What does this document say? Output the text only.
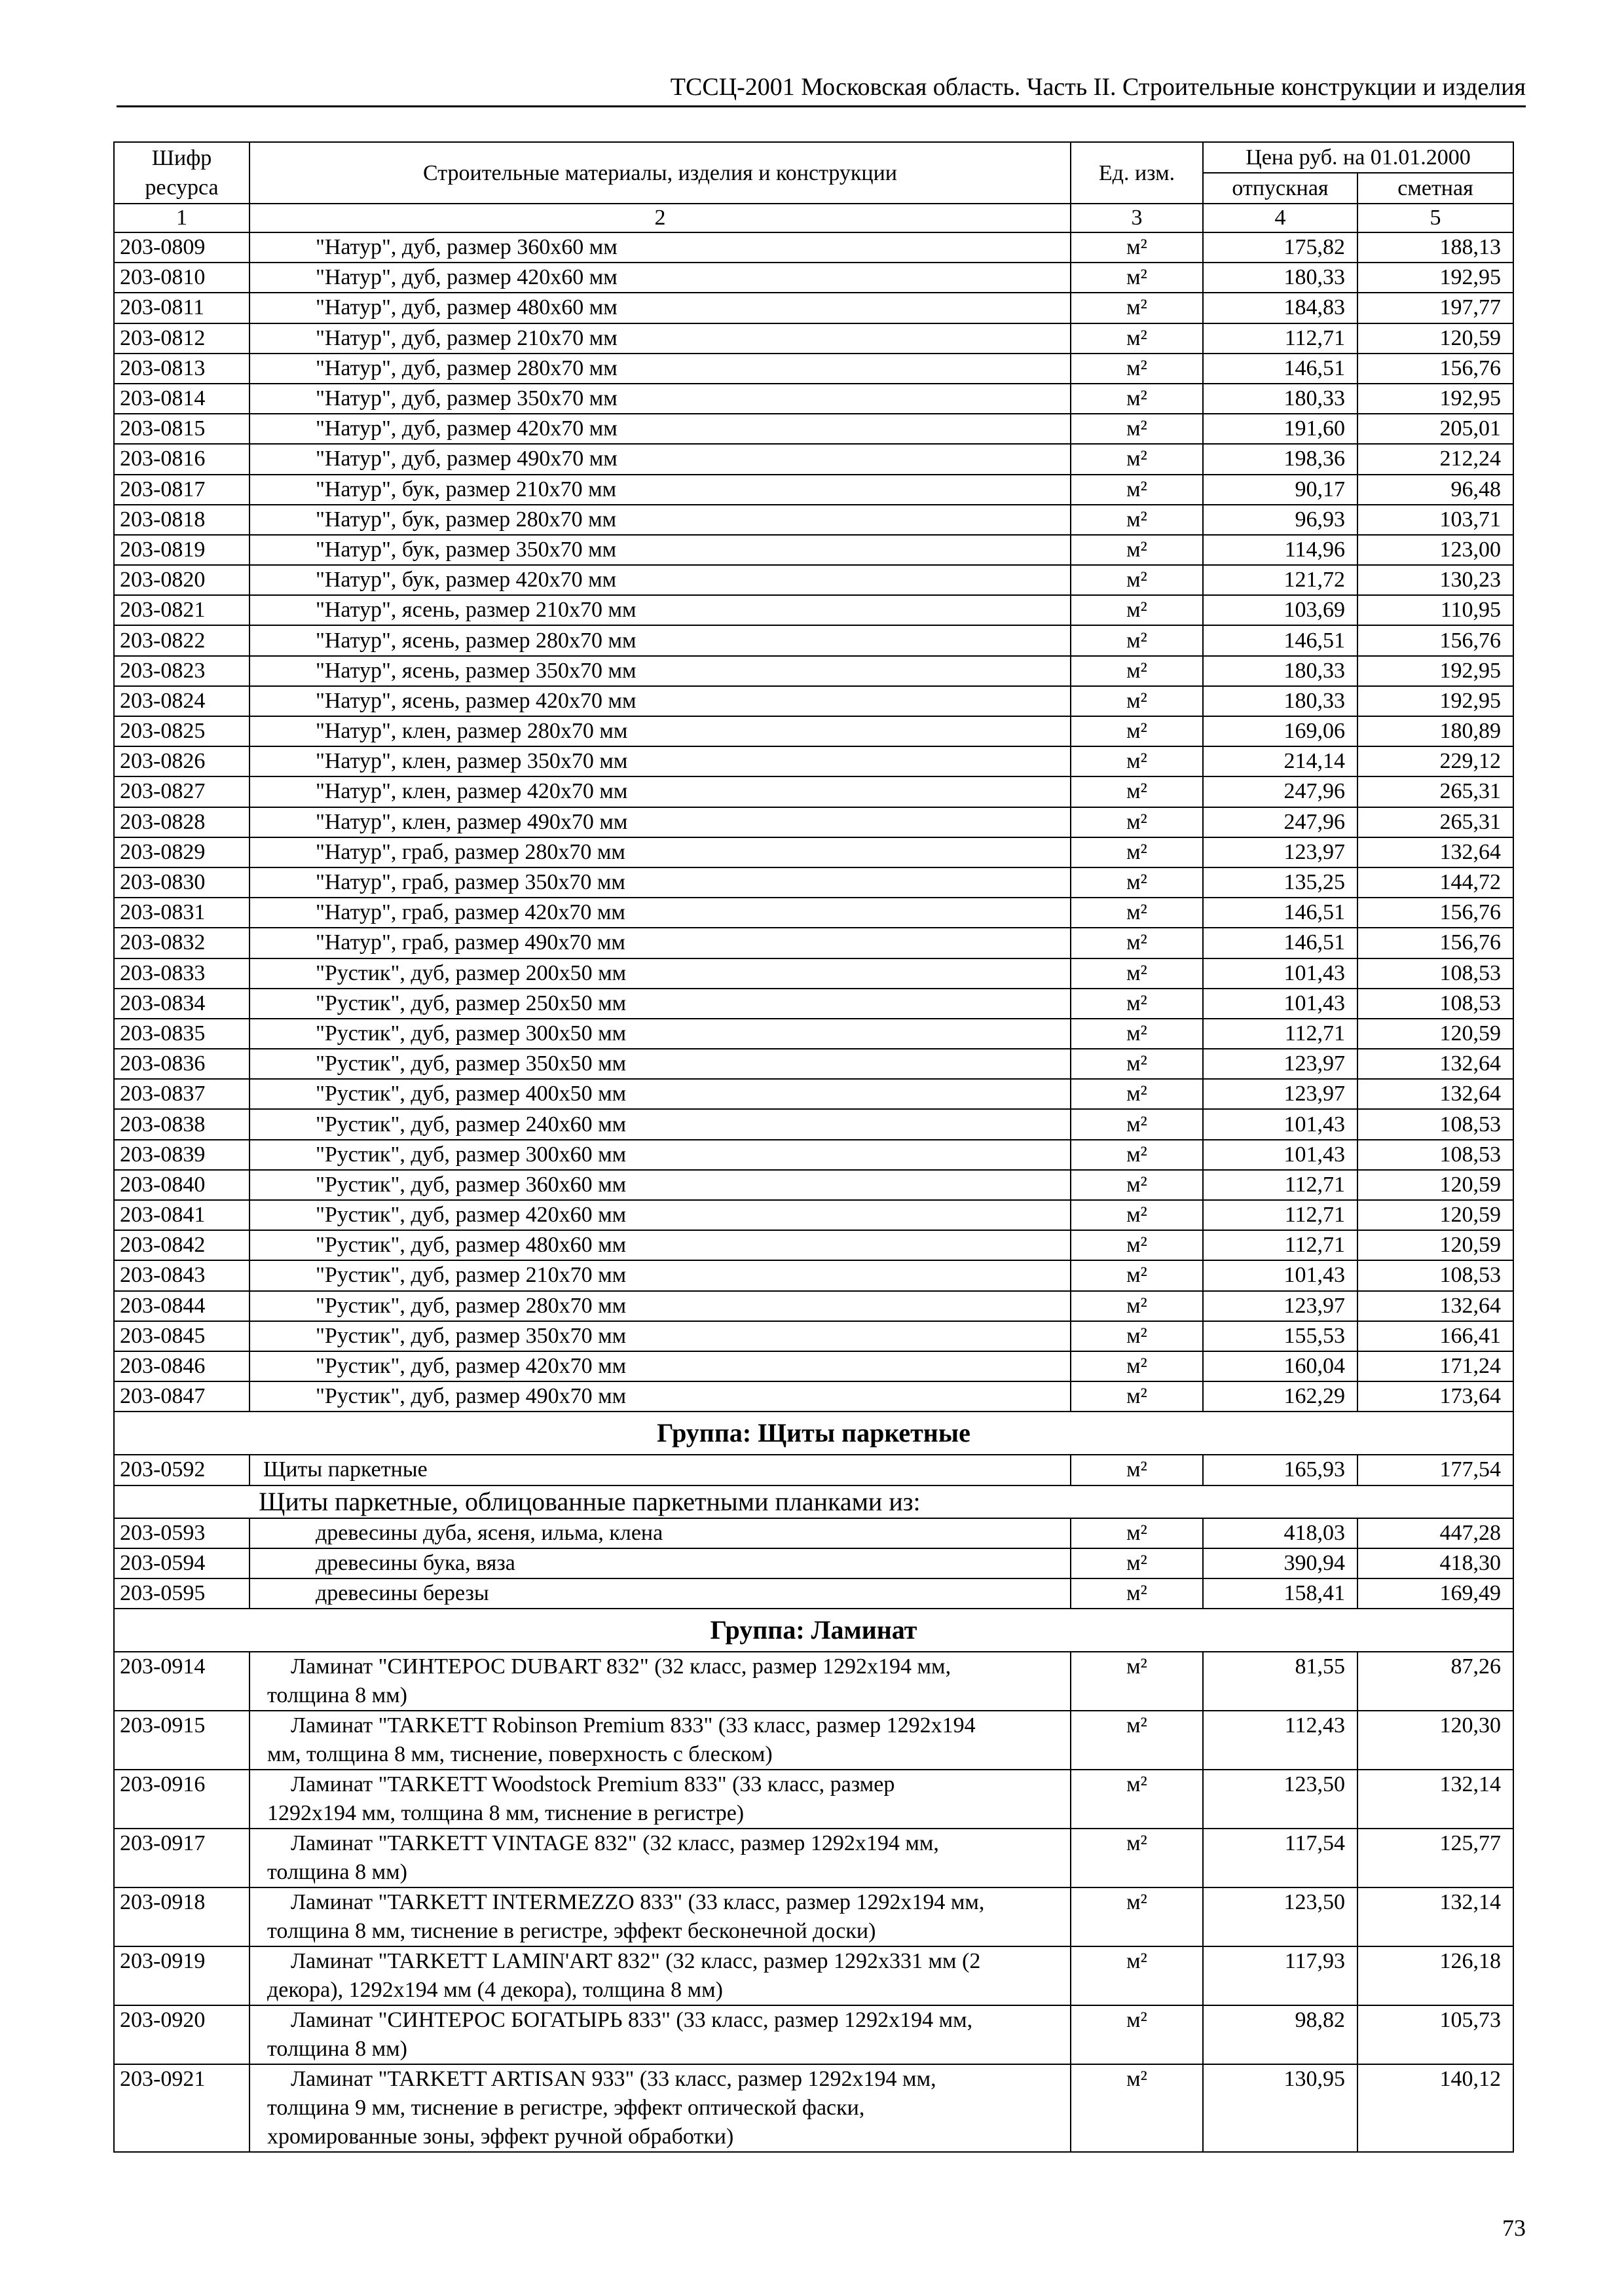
ТССЦ-2001 Московская область. Часть II. Строительные конструкции и изделия
Шифр ресурса	Строительные материалы, изделия и конструкции	Ед. изм.	Цена руб. на 01.01.2000	
			отпускная	сметная
1	2	3	4	5
203-0809	"Натур", дуб, размер 360х60 мм	м²	175,82	188,13
203-0810	"Натур", дуб, размер 420х60 мм	м²	180,33	192,95
203-0811	"Натур", дуб, размер 480х60 мм	м²	184,83	197,77
203-0812	"Натур", дуб, размер 210х70 мм	м²	112,71	120,59
203-0813	"Натур", дуб, размер 280х70 мм	м²	146,51	156,76
203-0814	"Натур", дуб, размер 350х70 мм	м²	180,33	192,95
203-0815	"Натур", дуб, размер 420х70 мм	м²	191,60	205,01
203-0816	"Натур", дуб, размер 490х70 мм	м²	198,36	212,24
203-0817	"Натур", бук, размер 210х70 мм	м²	90,17	96,48
203-0818	"Натур", бук, размер 280х70 мм	м²	96,93	103,71
203-0819	"Натур", бук, размер 350х70 мм	м²	114,96	123,00
203-0820	"Натур", бук, размер 420х70 мм	м²	121,72	130,23
203-0821	"Натур", ясень, размер 210х70 мм	м²	103,69	110,95
203-0822	"Натур", ясень, размер 280х70 мм	м²	146,51	156,76
203-0823	"Натур", ясень, размер 350х70 мм	м²	180,33	192,95
203-0824	"Натур", ясень, размер 420х70 мм	м²	180,33	192,95
203-0825	"Натур", клен, размер 280х70 мм	м²	169,06	180,89
203-0826	"Натур", клен, размер 350х70 мм	м²	214,14	229,12
203-0827	"Натур", клен, размер 420х70 мм	м²	247,96	265,31
203-0828	"Натур", клен, размер 490х70 мм	м²	247,96	265,31
203-0829	"Натур", граб, размер 280х70 мм	м²	123,97	132,64
203-0830	"Натур", граб, размер 350х70 мм	м²	135,25	144,72
203-0831	"Натур", граб, размер 420х70 мм	м²	146,51	156,76
203-0832	"Натур", граб, размер 490х70 мм	м²	146,51	156,76
203-0833	"Рустик", дуб, размер 200х50 мм	м²	101,43	108,53
203-0834	"Рустик", дуб, размер 250х50 мм	м²	101,43	108,53
203-0835	"Рустик", дуб, размер 300х50 мм	м²	112,71	120,59
203-0836	"Рустик", дуб, размер 350х50 мм	м²	123,97	132,64
203-0837	"Рустик", дуб, размер 400х50 мм	м²	123,97	132,64
203-0838	"Рустик", дуб, размер 240х60 мм	м²	101,43	108,53
203-0839	"Рустик", дуб, размер 300х60 мм	м²	101,43	108,53
203-0840	"Рустик", дуб, размер 360х60 мм	м²	112,71	120,59
203-0841	"Рустик", дуб, размер 420х60 мм	м²	112,71	120,59
203-0842	"Рустик", дуб, размер 480х60 мм	м²	112,71	120,59
203-0843	"Рустик", дуб, размер 210х70 мм	м²	101,43	108,53
203-0844	"Рустик", дуб, размер 280х70 мм	м²	123,97	132,64
203-0845	"Рустик", дуб, размер 350х70 мм	м²	155,53	166,41
203-0846	"Рустик", дуб, размер 420х70 мм	м²	160,04	171,24
203-0847	"Рустик", дуб, размер 490х70 мм	м²	162,29	173,64
Группа: Щиты паркетные				
203-0592	Щиты паркетные	м²	165,93	177,54
Щиты паркетные, облицованные паркетными планками из:				
203-0593	древесины дуба, ясеня, ильма, клена	м²	418,03	447,28
203-0594	древесины бука, вяза	м²	390,94	418,30
203-0595	древесины березы	м²	158,41	169,49
Группа: Ламинат				
203-0914	Ламинат "СИНТЕРОС DUBART 832" (32 класс, размер 1292х194 мм,
толщина 8 мм)	м²	81,55	87,26
203-0915	Ламинат "TARKETT Robinson Premium 833" (33 класс, размер 1292х194
мм, толщина 8 мм, тиснение, поверхность с блеском)	м²	112,43	120,30
203-0916	Ламинат "TARKETT Woodstock Premium 833" (33 класс, размер
1292х194 мм, толщина 8 мм, тиснение в регистре)	м²	123,50	132,14
203-0917	Ламинат "TARKETT VINTAGE 832" (32 класс, размер 1292х194 мм,
толщина 8 мм)	м²	117,54	125,77
203-0918	Ламинат "TARKETT INTERMEZZO 833" (33 класс, размер 1292х194 мм,
толщина 8 мм, тиснение в регистре, эффект бесконечной доски)	м²	123,50	132,14
203-0919	Ламинат "TARKETT LAMIN'ART 832" (32 класс, размер 1292х331 мм (2
декора), 1292х194 мм (4 декора), толщина 8 мм)	м²	117,93	126,18
203-0920	Ламинат "СИНТЕРОС БОГАТЫРЬ 833" (33 класс, размер 1292х194 мм,
толщина 8 мм)	м²	98,82	105,73
203-0921	Ламинат "TARKETT ARTISAN 933" (33 класс, размер 1292х194 мм,
толщина 9 мм, тиснение в регистре, эффект оптической фаски,
хромированные зоны, эффект ручной обработки)	м²	130,95	140,12
73
